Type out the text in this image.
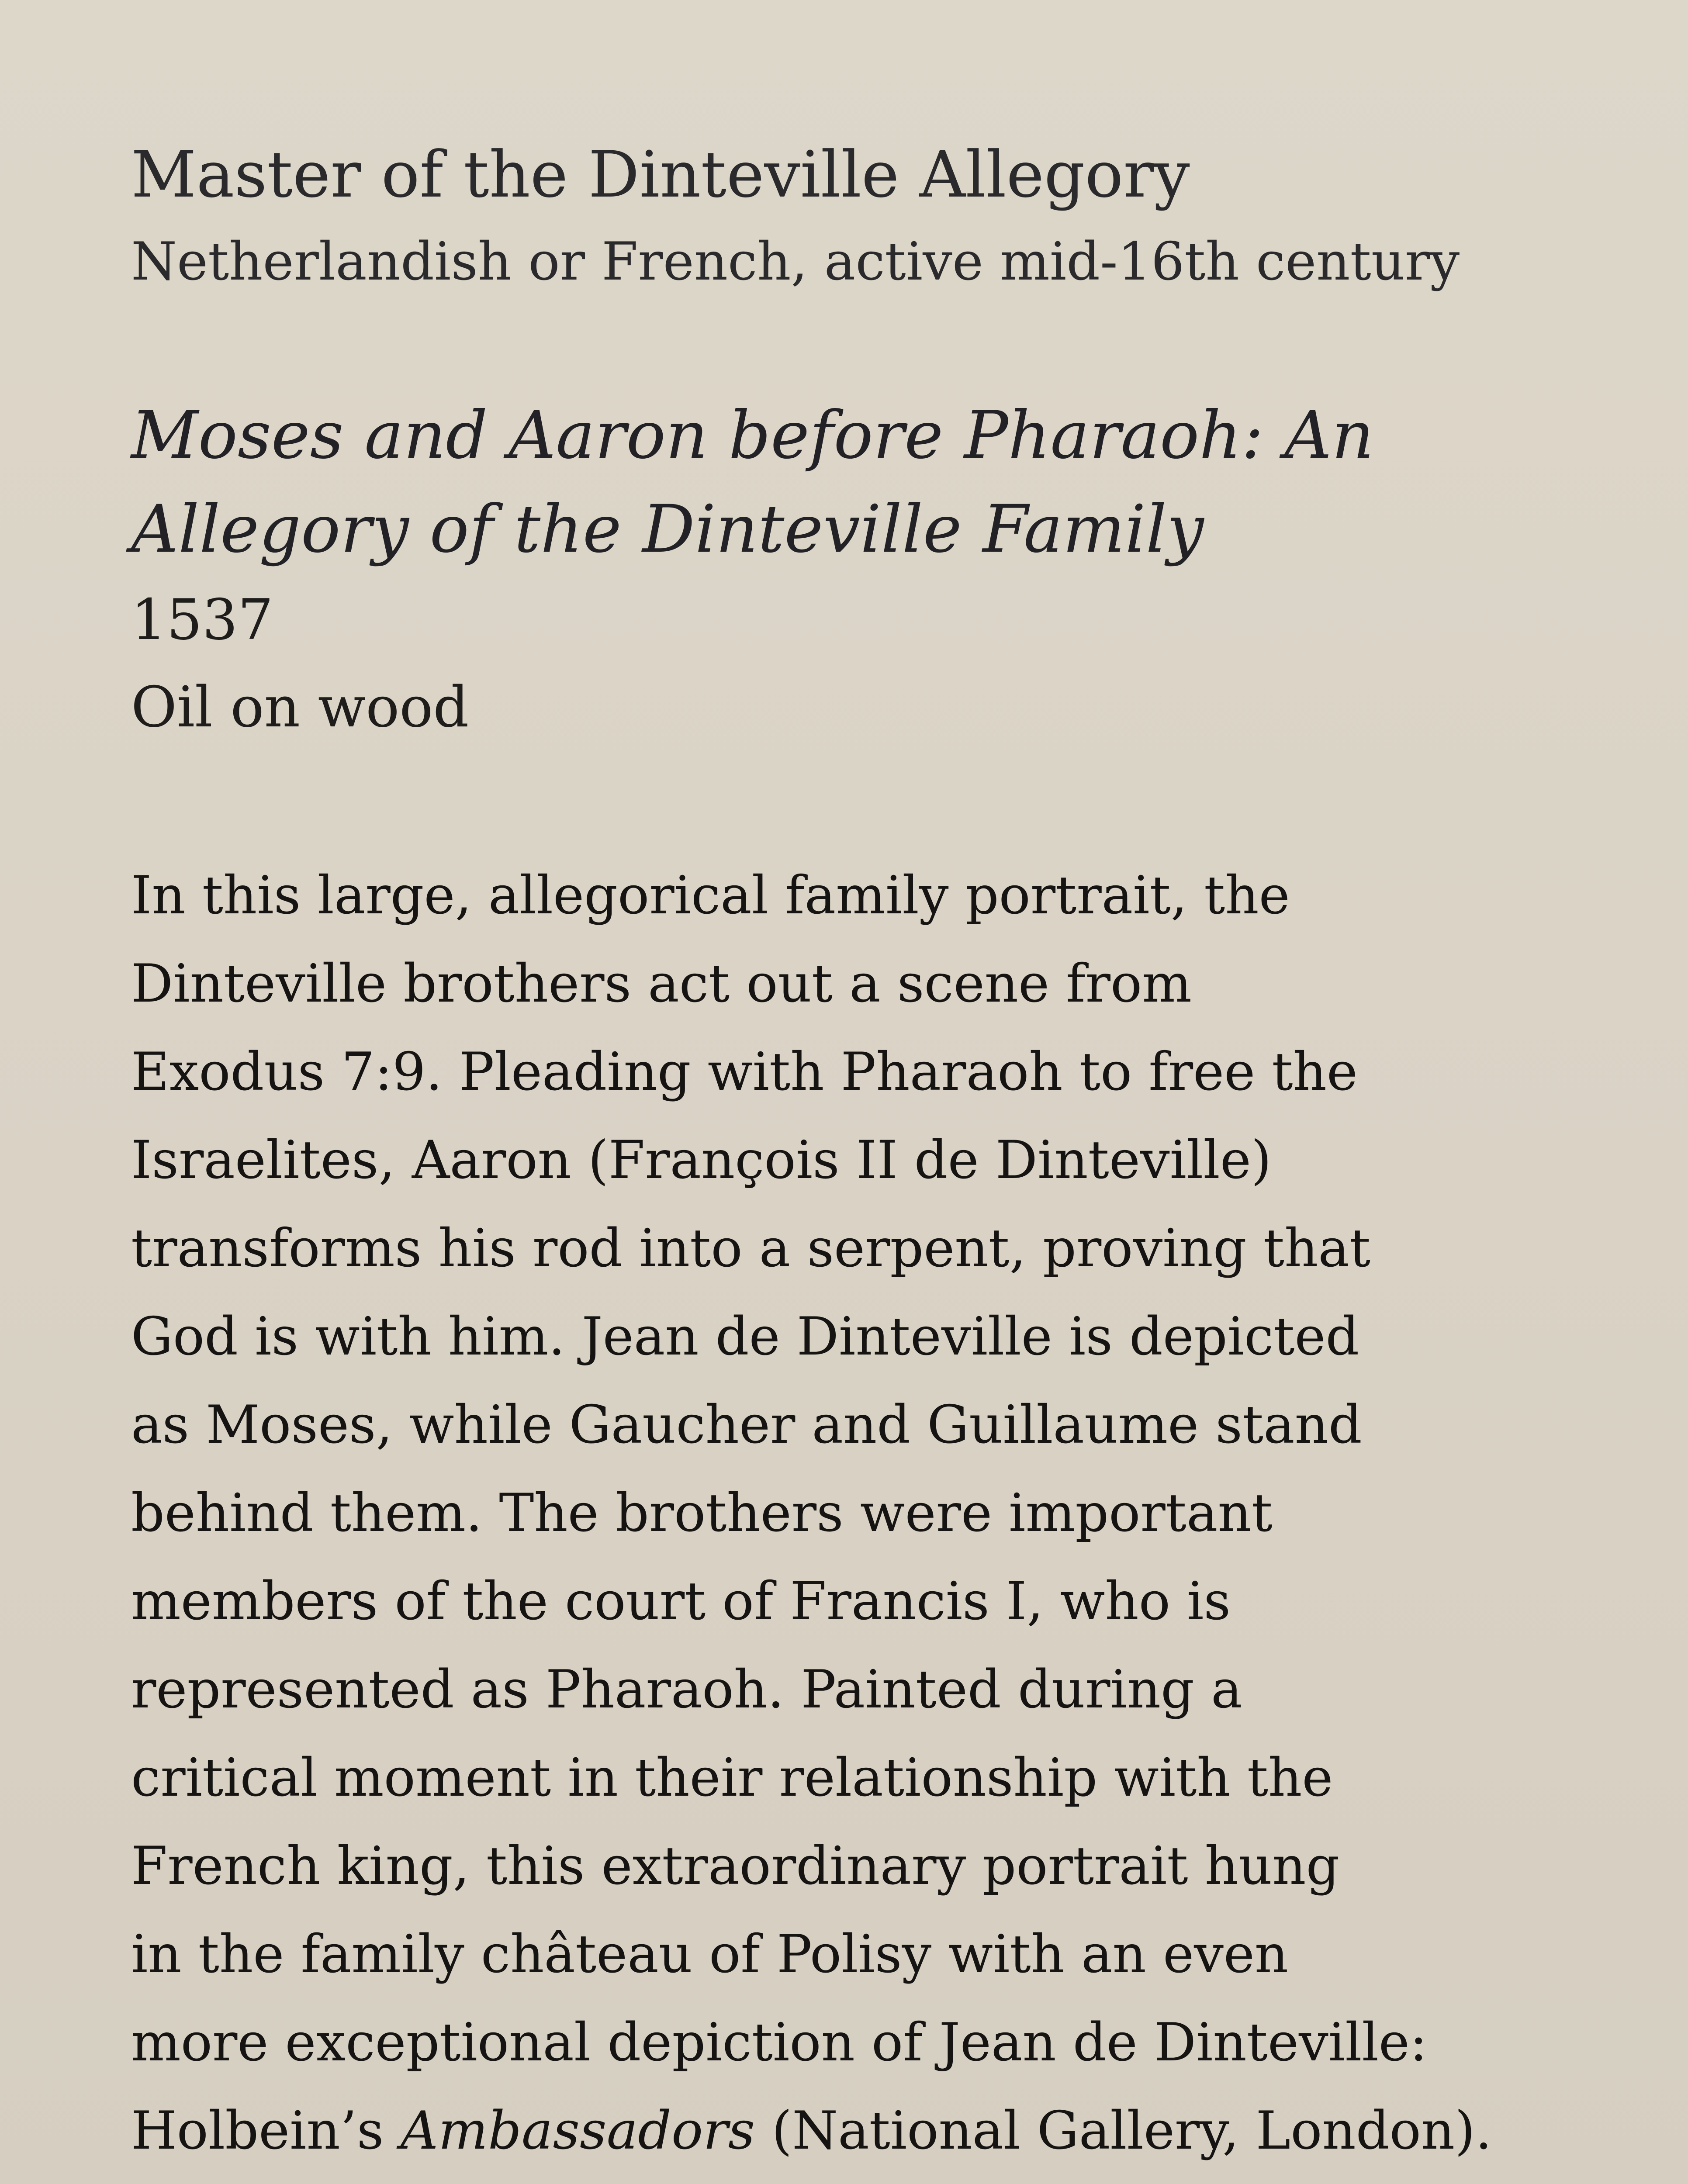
Master of the Dinteville Allegory

Netherlandish or French, active mid-16th century

Moses and Aaron before Pharaoh: An

Allegory of the Dinteville Family

1537

Oil on wood

In this large, allegorical family portrait, the
Dinteville brothers act out a scene from
Exodus 7:9. Pleading with Pharaoh to free the
Israelites, Aaron (François II de Dinteville)
transforms his rod into a serpent, proving that
God is with him. Jean de Dinteville is depicted
as Moses, while Gaucher and Guillaume stand
behind them. The brothers were important
members of the court of Francis I, who is
represented as Pharaoh. Painted during a
critical moment in their relationship with the
French king, this extraordinary portrait hung
in the family château of Polisy with an even
more exceptional depiction of Jean de Dinteville:
Holbein’s Ambassadors (National Gallery, London).
